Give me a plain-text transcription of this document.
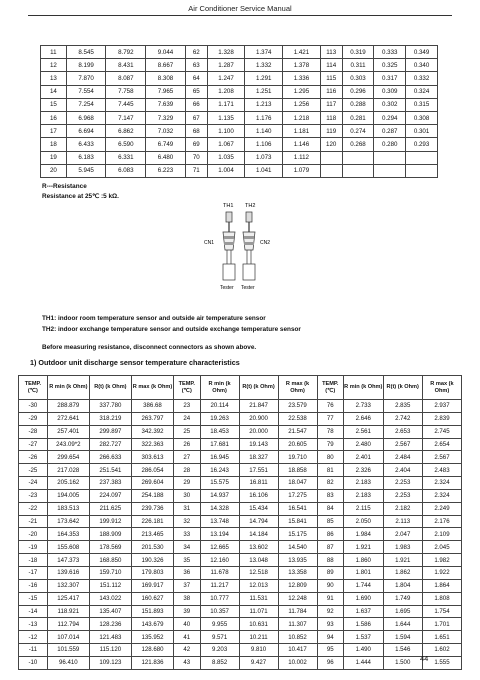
Air Conditioner Service Manual
11	8.545	8.792	9.044	62	1.328	1.374	1.421	113	0.319	0.333	0.349
12	8.199	8.431	8.667	63	1.287	1.332	1.378	114	0.311	0.325	0.340
13	7.870	8.087	8.308	64	1.247	1.291	1.336	115	0.303	0.317	0.332
14	7.554	7.758	7.965	65	1.208	1.251	1.295	116	0.296	0.309	0.324
15	7.254	7.445	7.639	66	1.171	1.213	1.256	117	0.288	0.302	0.315
16	6.968	7.147	7.329	67	1.135	1.176	1.218	118	0.281	0.294	0.308
17	6.694	6.862	7.032	68	1.100	1.140	1.181	119	0.274	0.287	0.301
18	6.433	6.590	6.749	69	1.067	1.106	1.146	120	0.268	0.280	0.293
19	6.183	6.331	6.480	70	1.035	1.073	1.112				
20	5.945	6.083	6.223	71	1.004	1.041	1.079				
R---Resistance
Resistance at 25℃ :5 kΩ.
TH1 TH2
CN1	CN2
Tester Tester
TH1: indoor room temperature sensor and outside air temperature sensor
TH2: indoor exchange temperature sensor and outside exchange temperature sensor
Before measuring resistance, disconnect connectors as shown above.
1) Outdoor unit discharge sensor temperature characteristics
TEMP. (℃)	R min (k Ohm)	R(t) (k Ohm)	R max (k Ohm)	TEMP. (℃)	R min (k Ohm)	R(t) (k Ohm)	R max (k Ohm)	TEMP. (℃)	R min (k Ohm)	R(t) (k Ohm)	R max (k Ohm)
-30	288.879	337.780	386.68	23	20.114	21.847	23.579	76	2.733	2.835	2.937
-29	272.641	318.219	263.797	24	19.263	20.900	22.538	77	2.646	2.742	2.839
-28	257.401	299.897	342.392	25	18.453	20.000	21.547	78	2.561	2.653	2.745
-27	243.09*2	282.727	322.363	26	17.681	19.143	20.605	79	2.480	2.567	2.654
-26	299.654	266.633	303.613	27	16.945	18.327	19.710	80	2.401	2.484	2.567
-25	217.028	251.541	286.054	28	16.243	17.551	18.858	81	2.326	2.404	2.483
-24	205.162	237.383	269.604	29	15.575	16.811	18.047	82	2.183	2.253	2.324
-23	194.005	224.097	254.188	30	14.937	16.106	17.275	83	2.183	2.253	2.324
-22	183.513	211.625	239.736	31	14.328	15.434	16.541	84	2.115	2.182	2.249
-21	173.642	199.912	226.181	32	13.748	14.794	15.841	85	2.050	2.113	2.176
-20	164.353	188.909	213.465	33	13.194	14.184	15.175	86	1.984	2.047	2.109
-19	155.608	178.569	201.530	34	12.665	13.602	14.540	87	1.921	1.983	2.045
-18	147.373	168.850	190.326	35	12.160	13.048	13.935	88	1.860	1.921	1.982
-17	139.616	159.710	179.803	36	11.678	12.518	13.358	89	1.801	1.862	1.922
-16	132.307	151.112	169.917	37	11.217	12.013	12.809	90	1.744	1.804	1.864
-15	125.417	143.022	160.627	38	10.777	11.531	12.248	91	1.690	1.749	1.808
-14	118.921	135.407	151.893	39	10.357	11.071	11.784	92	1.637	1.695	1.754
-13	112.794	128.236	143.679	40	9.955	10.631	11.307	93	1.586	1.644	1.701
-12	107.014	121.483	135.952	41	9.571	10.211	10.852	94	1.537	1.594	1.651
-11	101.559	115.120	128.680	42	9.203	9.810	10.417	95	1.490	1.546	1.602
-10	96.410	109.123	121.836	43	8.852	9.427	10.002	96	1.444	1.500	1.555
44
